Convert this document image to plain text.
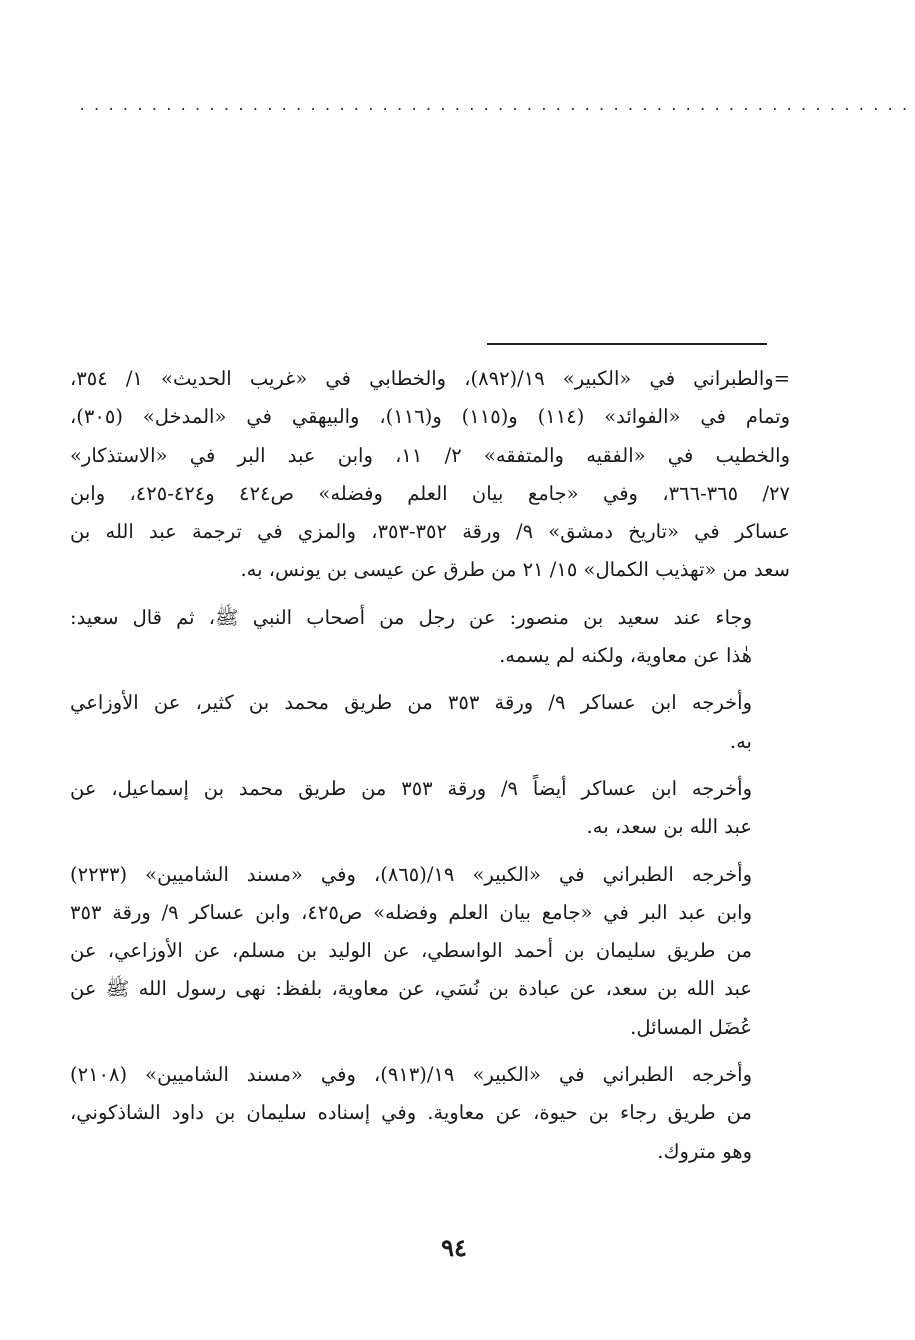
..........................................................

=والطبراني في «الكبير» ١٩/(٨٩٢)، والخطابي في «غريب الحديث» ١/ ٣٥٤،
وتمام في «الفوائد» (١١٤) و(١١٥) و(١١٦)، والبيهقي في «المدخل» (٣٠٥)،
والخطيب في «الفقيه والمتفقه» ٢/ ١١، وابن عبد البر في «الاستذكار»
٢٧/ ٣٦٥-٣٦٦، وفي «جامع بيان العلم وفضله» ص٤٢٤ و٤٢٤-٤٢٥، وابن
عساكر في «تاريخ دمشق» ٩/ ورقة ٣٥٢-٣٥٣، والمزي في ترجمة عبد الله بن
سعد من «تهذيب الكمال» ١٥/ ٢١ من طرق عن عيسى بن يونس، به.

وجاء عند سعيد بن منصور: عن رجل من أصحاب النبي ﷺ، ثم قال سعيد:
هٰذا عن معاوية، ولكنه لم يسمه.

وأخرجه ابن عساكر ٩/ ورقة ٣٥٣ من طريق محمد بن كثير، عن الأوزاعي
به.

وأخرجه ابن عساكر أيضاً ٩/ ورقة ٣٥٣ من طريق محمد بن إسماعيل، عن
عبد الله بن سعد، به.

وأخرجه الطبراني في «الكبير» ١٩/(٨٦٥)، وفي «مسند الشاميين» (٢٢٣٣)
وابن عبد البر في «جامع بيان العلم وفضله» ص٤٢٥، وابن عساكر ٩/ ورقة ٣٥٣
من طريق سليمان بن أحمد الواسطي، عن الوليد بن مسلم، عن الأوزاعي، عن
عبد الله بن سعد، عن عبادة بن نُسَي، عن معاوية، بلفظ: نهى رسول الله ﷺ عن
عُضَل المسائل.

وأخرجه الطبراني في «الكبير» ١٩/(٩١٣)، وفي «مسند الشاميين» (٢١٠٨)
من طريق رجاء بن حيوة، عن معاوية. وفي إسناده سليمان بن داود الشاذكوني،
وهو متروك.

٩٤
